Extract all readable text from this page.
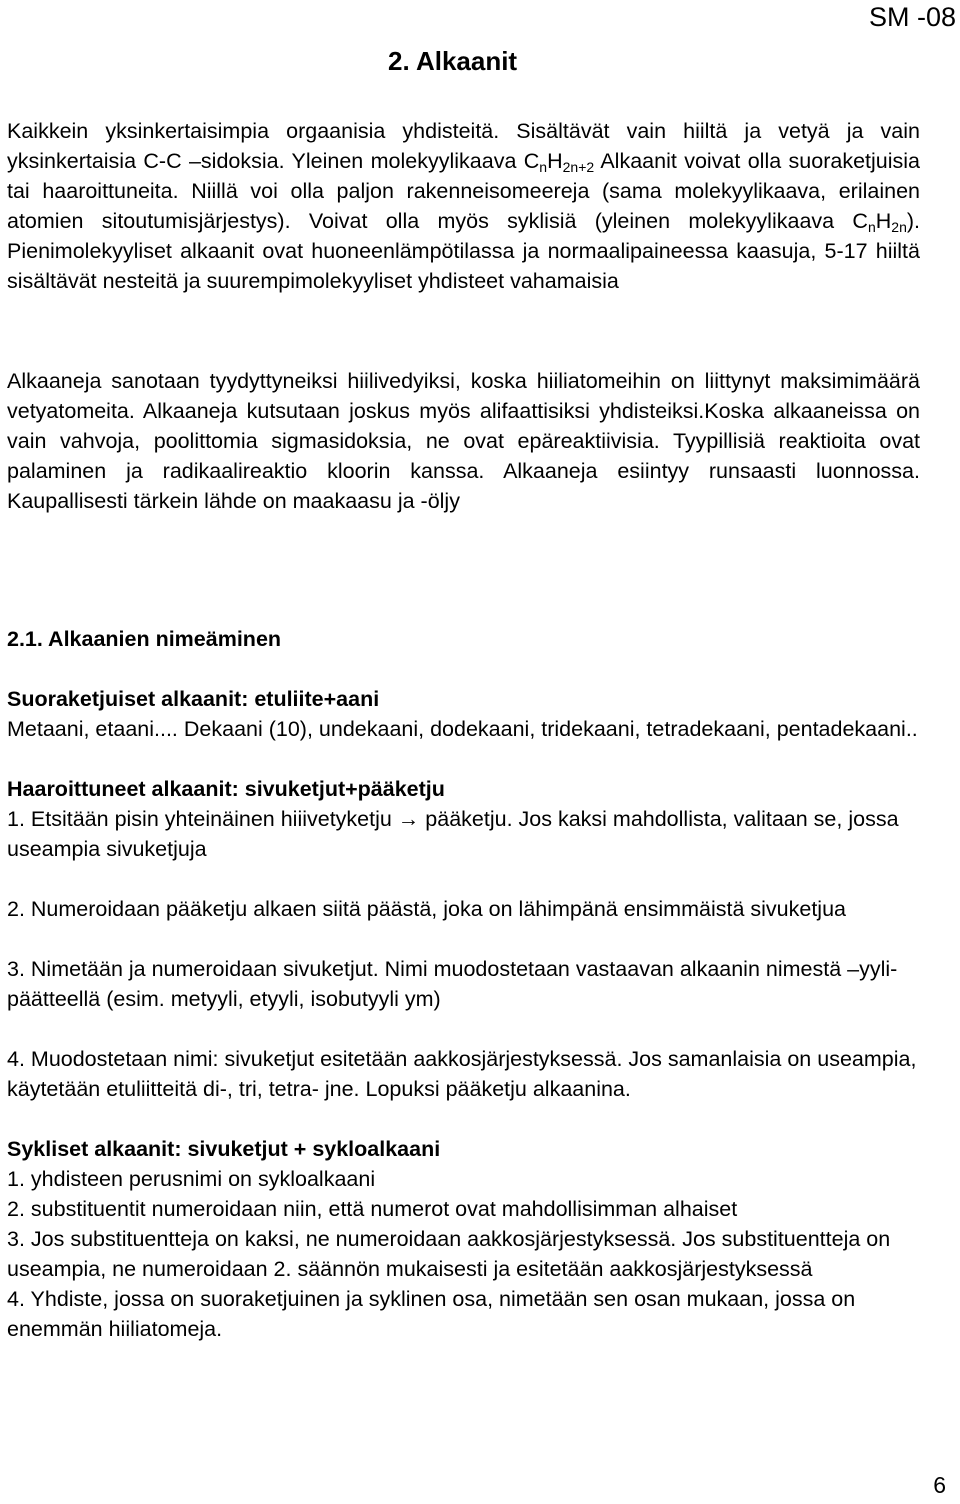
SM -08
2. Alkaanit

Kaikkein yksinkertaisimpia orgaanisia yhdisteitä. Sisältävät vain hiiltä ja vetyä ja vain yksinkertaisia C-C –sidoksia. Yleinen molekyylikaava $C_nH_{2n+2}$ Alkaanit voivat olla suoraketjuisia tai haaroittuneita. Niillä voi olla paljon rakenneisomeereja (sama molekyylikaava, erilainen atomien sitoutumisjärjestys). Voivat olla myös syklisiä (yleinen molekyylikaava $C_nH_{2n}$). Pienimolekyyliset alkaanit ovat huoneenlämpötilassa ja normaalipaineessa kaasuja, 5-17 hiiltä sisältävät nesteitä ja suurempimolekyyliset yhdisteet vahamaisia

Alkaaneja sanotaan tyydyttyneiksi hiilivedyiksi, koska hiiliatomeihin on liittynyt maksimimäärä vetyatomeita. Alkaaneja kutsutaan joskus myös alifaattisiksi yhdisteiksi.Koska alkaaneissa on vain vahvoja, poolittomia sigmasidoksia, ne ovat epäreaktiivisia. Tyypillisiä reaktioita ovat palaminen ja radikaalireaktio kloorin kanssa. Alkaaneja esiintyy runsaasti luonnossa. Kaupallisesti tärkein lähde on maakaasu ja -öljy

2.1. Alkaanien nimeäminen
Suoraketjuiset alkaanit: etuliite+aani

Metaani, etaani.... Dekaani (10), undekaani, dodekaani, tridekaani, tetradekaani, pentadekaani..

Haaroittuneet alkaanit: sivuketjut+pääketju

1. Etsitään pisin yhteinäinen hiiivetyketju → pääketju. Jos kaksi mahdollista, valitaan se, jossa useampia sivuketjuja

2. Numeroidaan pääketju alkaen siitä päästä, joka on lähimpänä ensimmäistä sivuketjua

3. Nimetään ja numeroidaan sivuketjut. Nimi muodostetaan vastaavan alkaanin nimestä –yyli-päätteellä (esim. metyyli, etyyli, isobutyyli ym)

4. Muodostetaan nimi: sivuketjut esitetään aakkosjärjestyksessä. Jos samanlaisia on useampia, käytetään etuliitteitä di-, tri, tetra- jne. Lopuksi pääketju alkaanina.

Sykliset alkaanit: sivuketjut + sykloalkaani

1. yhdisteen perusnimi on sykloalkaani

2. substituentit numeroidaan niin, että numerot ovat mahdollisimman alhaiset

3. Jos substituentteja on kaksi, ne numeroidaan aakkosjärjestyksessä. Jos substituentteja on useampia, ne numeroidaan 2. säännön mukaisesti ja esitetään aakkosjärjestyksessä

4. Yhdiste, jossa on suoraketjuinen ja syklinen osa, nimetään sen osan mukaan, jossa on enemmän hiiliatomeja.

6
